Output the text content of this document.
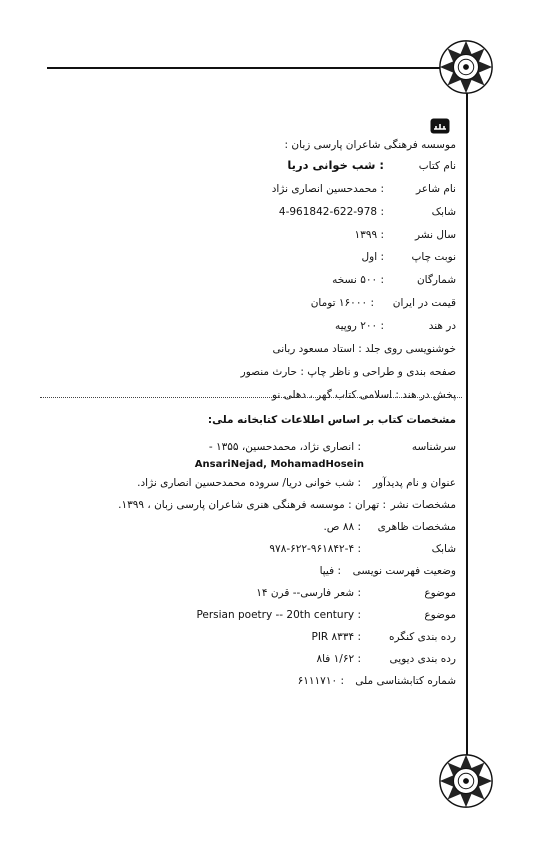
موسسه فرهنگی شاعران پارسی زبان :
نام کتاب: شب خوانی دریا
نام شاعر: محمدحسین انصاری نژاد
شابک: 4-961842-622-978
سال نشر: ۱۳۹۹
نوبت چاپ: اول
شمارگان: ۵۰۰ نسخه
قیمت در ایران: ۱۶۰۰۰ تومان
در هند: ۲۰۰ روپیه
خوشنویسی روی جلد : استاد مسعود ربانی
صفحه بندی و طراحی و ناظر چاپ : حارث منصور
پخش در هند : اسلامی کتاب گهر ، دهلی نو
مشخصات کتاب بر اساس اطلاعات کتابخانه ملی:
سرشناسه: انصاری نژاد، محمدحسین، ۱۳۵۵ -
AnsariNejad, MohamadHosein
عنوان و نام پدیدآور: شب خوانی دریا/ سروده محمدحسین انصاری نژاد.
مشخصات نشر: تهران : موسسه فرهنگی هنری شاعران پارسی زبان ، ۱۳۹۹.
مشخصات ظاهری: ۸۸ ص.
شابک: ۹۷۸-۶۲۲-۹۶۱۸۴۲-۴
وضعیت فهرست نویسی: فیپا
موضوع: شعر فارسی-- قرن ۱۴
موضوع: Persian poetry -- 20th century
رده بندی کنگره: PIR ۸۳۳۴
رده بندی دیویی: ۱/۶۲ فا۸
شماره کتابشناسی ملی: ۶۱۱۱۷۱۰
